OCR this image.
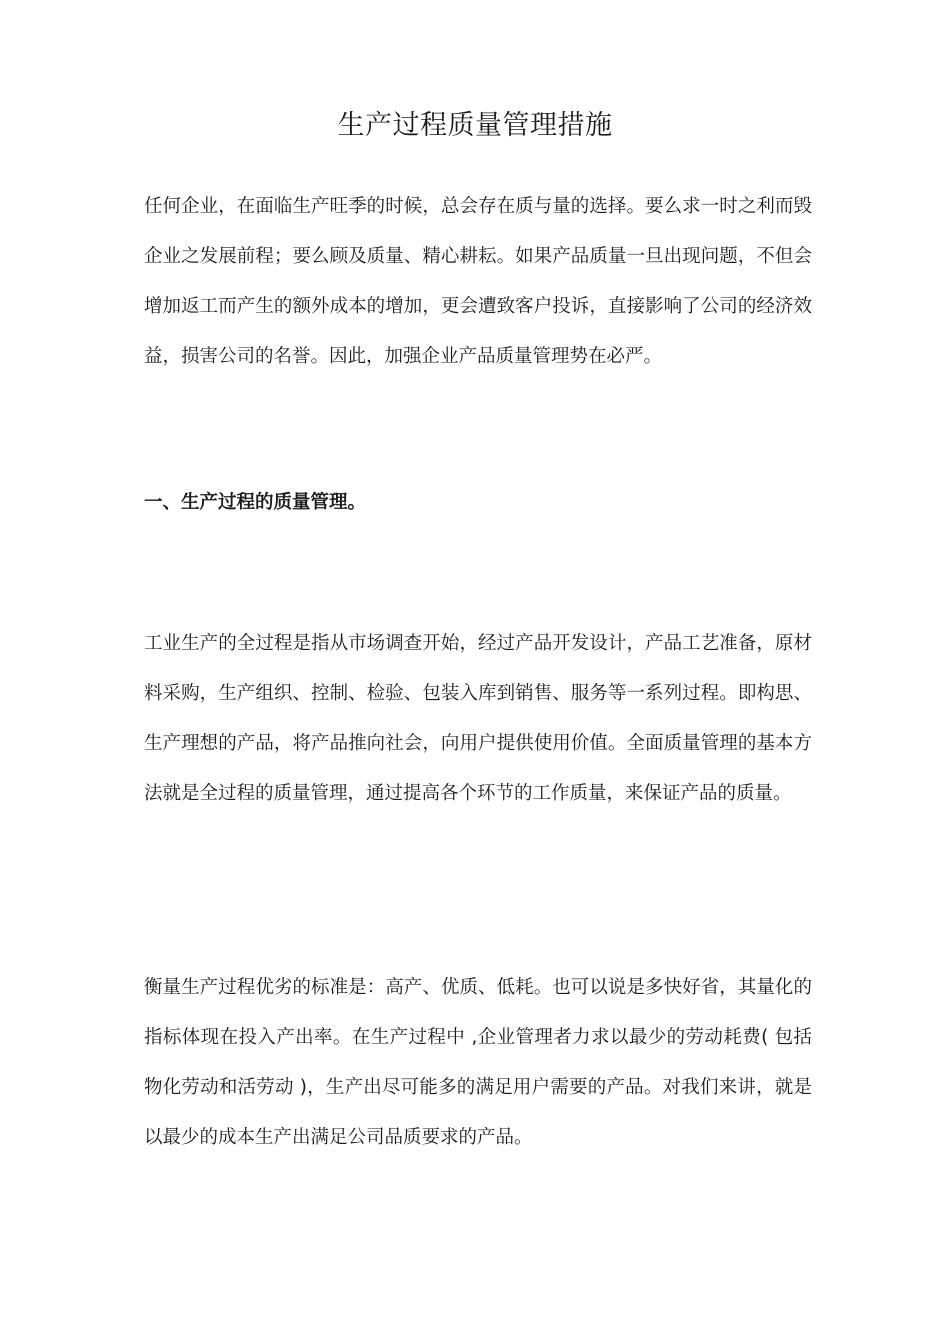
生产过程质量管理措施

任何企业，在面临生产旺季的时候，总会存在质与量的选择。要么求一时之利而毁企业之发展前程；要么顾及质量、精心耕耘。如果产品质量一旦出现问题，不但会增加返工而产生的额外成本的增加，更会遭致客户投诉，直接影响了公司的经济效益，损害公司的名誉。因此，加强企业产品质量管理势在必严。

一、生产过程的质量管理。

工业生产的全过程是指从市场调查开始，经过产品开发设计，产品工艺准备，原材料采购，生产组织、控制、检验、包装入库到销售、服务等一系列过程。即构思、生产理想的产品，将产品推向社会，向用户提供使用价值。全面质量管理的基本方法就是全过程的质量管理，通过提高各个环节的工作质量，来保证产品的质量。

衡量生产过程优劣的标准是：高产、优质、低耗。也可以说是多快好省，其量化的指标体现在投入产出率。在生产过程中 ,企业管理者力求以最少的劳动耗费( 包括物化劳动和活劳动 )，生产出尽可能多的满足用户需要的产品。对我们来讲，就是以最少的成本生产出满足公司品质要求的产品。
